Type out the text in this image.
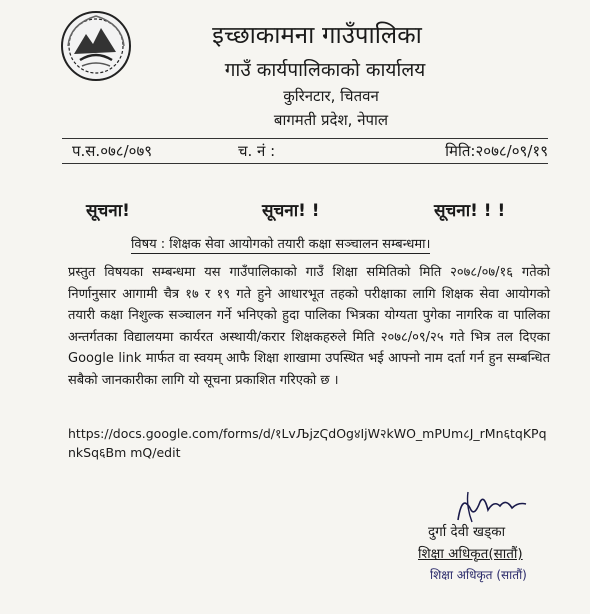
इच्छाकामना गाउँपालिका
गाउँ कार्यपालिकाको कार्यालय
कुरिनटार, चितवन
बागमती प्रदेश, नेपाल
प.स.०७८/०७९	च. नं :	मिति:२०७८/०९/१९
सूचना!	सूचना! !	सूचना! ! !
विषय : शिक्षक सेवा आयोगको तयारी कक्षा सञ्चालन सम्बन्धमा।
प्रस्तुत विषयका सम्बन्धमा यस गाउँपालिकाको गाउँ शिक्षा समितिको मिति २०७८/०७/१६ गतेको निर्णानुसार आगामी चैत्र १७ र १९ गते हुने आधारभूत तहको परीक्षाका लागि शिक्षक सेवा आयोगको तयारी कक्षा निशुल्क सञ्चालन गर्ने भनिएको हुदा पालिका भित्रका योग्यता पुगेका नागरिक वा पालिका अन्तर्गतका विद्यालयमा कार्यरत अस्थायी/करार शिक्षकहरुले मिति २०७८/०९/२५ गते भित्र तल दिएका Google link मार्फत वा स्वयम् आफै शिक्षा शाखामा उपस्थित भई आफ्नो नाम दर्ता गर्न हुन सम्बन्धित सबैको जानकारीका लागि यो सूचना प्रकाशित गरिएको छ ।
https://docs.google.com/forms/d/१LvЉjzҀdOg४IjW२kWO_mPUm८J_rMn६tqKPqnkSq६Bm mQ/edit
दुर्गा देवी खड्का
शिक्षा अधिकृत(सातौं)
शिक्षा अधिकृत (सातौं)
